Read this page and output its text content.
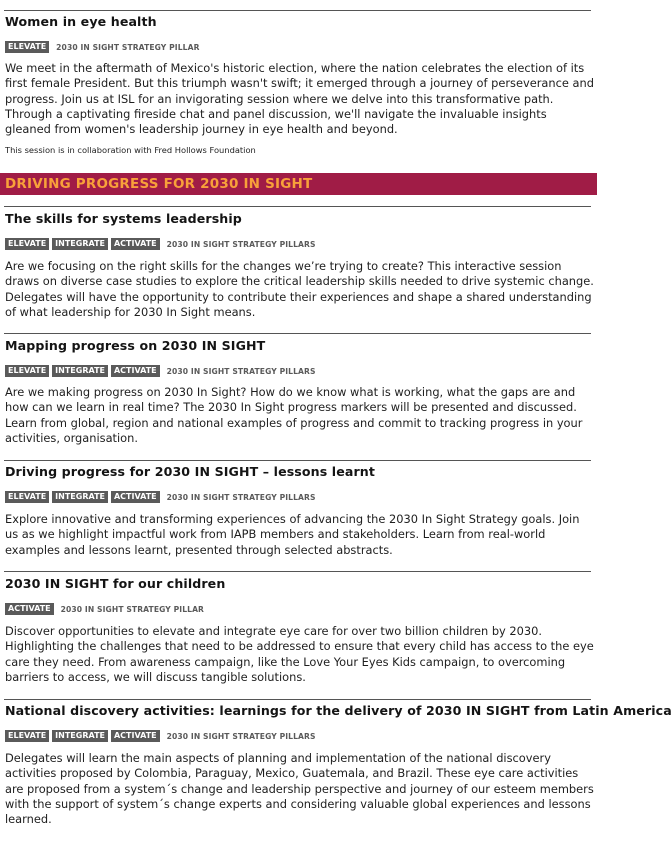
Women in eye health
ELEVATE	2030 IN SIGHT STRATEGY PILLAR

We meet in the aftermath of Mexico's historic election, where the nation celebrates the election of its first female President. But this triumph wasn't swift; it emerged through a journey of perseverance and progress. Join us at ISL for an invigorating session where we delve into this transformative path. Through a captivating fireside chat and panel discussion, we'll navigate the invaluable insights gleaned from women's leadership journey in eye health and beyond.

This session is in collaboration with Fred Hollows Foundation

DRIVING PROGRESS FOR 2030 IN SIGHT
The skills for systems leadership
ELEVATE	INTEGRATE	ACTIVATE	2030 IN SIGHT STRATEGY PILLARS

Are we focusing on the right skills for the changes we’re trying to create? This interactive session draws on diverse case studies to explore the critical leadership skills needed to drive systemic change. Delegates will have the opportunity to contribute their experiences and shape a shared understanding of what leadership for 2030 In Sight means.

Mapping progress on 2030 IN SIGHT
ELEVATE	INTEGRATE	ACTIVATE	2030 IN SIGHT STRATEGY PILLARS

Are we making progress on 2030 In Sight? How do we know what is working, what the gaps are and how can we learn in real time? The 2030 In Sight progress markers will be presented and discussed. Learn from global, region and national examples of progress and commit to tracking progress in your activities, organisation.

Driving progress for 2030 IN SIGHT – lessons learnt
ELEVATE	INTEGRATE	ACTIVATE	2030 IN SIGHT STRATEGY PILLARS

Explore innovative and transforming experiences of advancing the 2030 In Sight Strategy goals. Join us as we highlight impactful work from IAPB members and stakeholders. Learn from real-world examples and lessons learnt, presented through selected abstracts.

2030 IN SIGHT for our children
ACTIVATE	2030 IN SIGHT STRATEGY PILLAR

Discover opportunities to elevate and integrate eye care for over two billion children by 2030. Highlighting the challenges that need to be addressed to ensure that every child has access to the eye care they need. From awareness campaign, like the Love Your Eyes Kids campaign, to overcoming barriers to access, we will discuss tangible solutions.

National discovery activities: learnings for the delivery of 2030 IN SIGHT from Latin America
ELEVATE	INTEGRATE	ACTIVATE	2030 IN SIGHT STRATEGY PILLARS

Delegates will learn the main aspects of planning and implementation of the national discovery activities proposed by Colombia, Paraguay, Mexico, Guatemala, and Brazil. These eye care activities are proposed from a system´s change and leadership perspective and journey of our esteem members with the support of system´s change experts and considering valuable global experiences and lessons learned.
